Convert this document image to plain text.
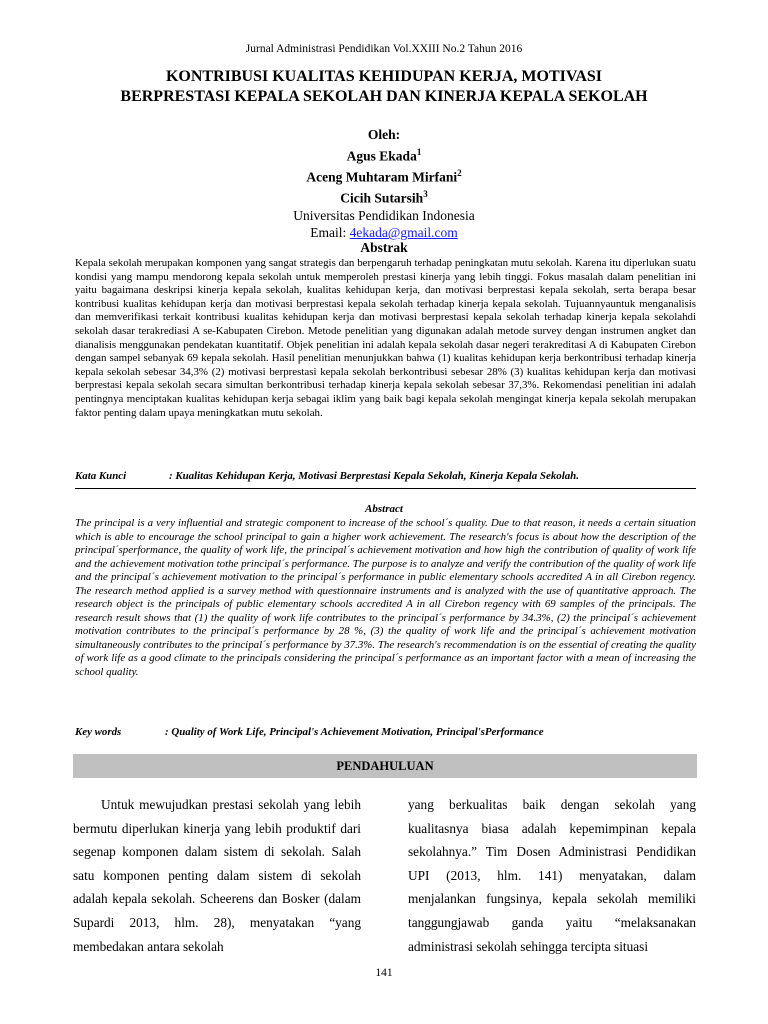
Jurnal Administrasi Pendidikan Vol.XXIII No.2 Tahun 2016
KONTRIBUSI KUALITAS KEHIDUPAN KERJA, MOTIVASI
BERPRESTASI KEPALA SEKOLAH DAN KINERJA KEPALA SEKOLAH
Oleh:
Agus Ekada$^1$
Aceng Muhtaram Mirfani$^2$
Cicih Sutarsih$^3$
Universitas Pendidikan Indonesia
Email: 4ekada@gmail.com
Abstrak
Kepala sekolah merupakan komponen yang sangat strategis dan berpengaruh terhadap peningkatan mutu sekolah. Karena itu diperlukan suatu kondisi yang mampu mendorong kepala sekolah untuk memperoleh prestasi kinerja yang lebih tinggi. Fokus masalah dalam penelitian ini yaitu bagaimana deskripsi kinerja kepala sekolah, kualitas kehidupan kerja, dan motivasi berprestasi kepala sekolah, serta berapa besar kontribusi kualitas kehidupan kerja dan motivasi berprestasi kepala sekolah terhadap kinerja kepala sekolah. Tujuannyauntuk menganalisis dan memverifikasi terkait kontribusi kualitas kehidupan kerja dan motivasi berprestasi kepala sekolah terhadap kinerja kepala sekolahdi sekolah dasar terakrediasi A se-Kabupaten Cirebon. Metode penelitian yang digunakan adalah metode survey dengan instrumen angket dan dianalisis menggunakan pendekatan kuantitatif. Objek penelitian ini adalah kepala sekolah dasar negeri terakreditasi A di Kabupaten Cirebon dengan sampel sebanyak 69 kepala sekolah. Hasil penelitian menunjukkan bahwa (1) kualitas kehidupan kerja berkontribusi terhadap kinerja kepala sekolah sebesar 34,3% (2) motivasi berprestasi kepala sekolah berkontribusi sebesar 28% (3) kualitas kehidupan kerja dan motivasi berprestasi kepala sekolah secara simultan berkontribusi terhadap kinerja kepala sekolah sebesar 37,3%. Rekomendasi penelitian ini adalah pentingnya menciptakan kualitas kehidupan kerja sebagai iklim yang baik bagi kepala sekolah mengingat kinerja kepala sekolah merupakan faktor penting dalam upaya meningkatkan mutu sekolah.
Kata Kunci	: Kualitas Kehidupan Kerja, Motivasi Berprestasi Kepala Sekolah, Kinerja Kepala Sekolah.
Abstract
The principal is a very influential and strategic component to increase of the school´s quality. Due to that reason, it needs a certain situation which is able to encourage the school principal to gain a higher work achievement. The research's focus is about how the description of the principal´sperformance, the quality of work life, the principal´s achievement motivation and how high the contribution of quality of work life and the achievement motivation tothe principal´s performance. The purpose is to analyze and verify the contribution of the quality of work life and the principal´s achievement motivation to the principal´s performance in public elementary schools accredited A in all Cirebon regency. The research method applied is a survey method with questionnaire instruments and is analyzed with the use of quantitative approach. The research object is the principals of public elementary schools accredited A in all Cirebon regency with 69 samples of the principals. The research result shows that (1) the quality of work life contributes to the principal´s performance by 34.3%, (2) the principal´s achievement motivation contributes to the principal´s performance by 28 %, (3) the quality of work life and the principal´s achievement motivation simultaneously contributes to the principal´s performance by 37.3%. The research's recommendation is on the essential of creating the quality of work life as a good climate to the principals considering the principal´s performance as an important factor with a mean of increasing the school quality.
Key words	: Quality of Work Life, Principal's Achievement Motivation, Principal'sPerformance
PENDAHULUAN
Untuk mewujudkan prestasi sekolah yang lebih bermutu diperlukan kinerja yang lebih produktif dari segenap komponen dalam sistem di sekolah. Salah satu komponen penting dalam sistem di sekolah adalah kepala sekolah. Scheerens dan Bosker (dalam Supardi 2013, hlm. 28), menyatakan “yang membedakan antara sekolah
yang berkualitas baik dengan sekolah yang kualitasnya biasa adalah kepemimpinan kepala sekolahnya.” Tim Dosen Administrasi Pendidikan UPI (2013, hlm. 141) menyatakan, dalam menjalankan fungsinya, kepala sekolah memiliki tanggungjawab ganda yaitu “melaksanakan administrasi sekolah sehingga tercipta situasi
141
